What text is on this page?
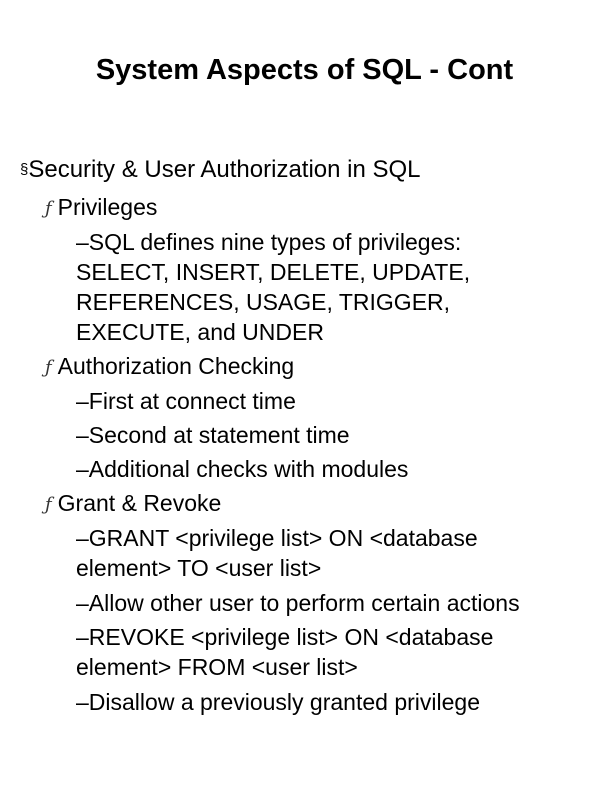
System Aspects of SQL - Cont
§Security & User Authorization in SQL
ƒ Privileges
–SQL defines nine types of privileges:
SELECT, INSERT, DELETE, UPDATE,
REFERENCES, USAGE, TRIGGER,
EXECUTE, and UNDER
ƒ Authorization Checking
–First at connect time
–Second at statement time
–Additional checks with modules
ƒ Grant & Revoke
–GRANT <privilege list> ON <database
element> TO <user list>
–Allow other user to perform certain actions
–REVOKE <privilege list> ON <database
element> FROM <user list>
–Disallow a previously granted privilege
